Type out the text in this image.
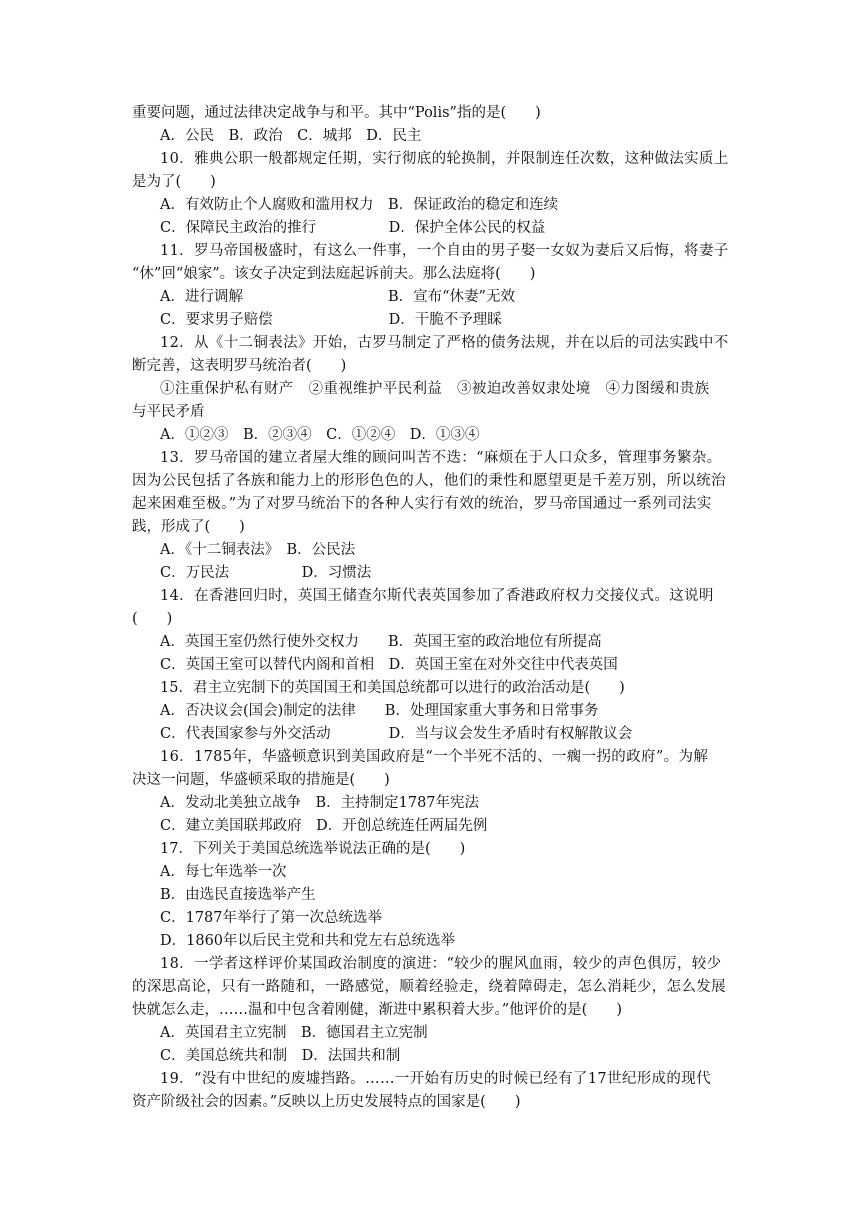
重要问题，通过法律决定战争与和平。其中“Polis”指的是(　　)
A．公民　B．政治　C．城邦　D．民主
10．雅典公职一般都规定任期，实行彻底的轮换制，并限制连任次数，这种做法实质上
是为了(　　)
A．有效防止个人腐败和滥用权力　B．保证政治的稳定和连续
C．保障民主政治的推行　　　　　D．保护全体公民的权益
11．罗马帝国极盛时，有这么一件事，一个自由的男子娶一女奴为妻后又后悔，将妻子
“休”回“娘家”。该女子决定到法庭起诉前夫。那么法庭将(　　)
A．进行调解　　　　　　　　　　B．宣布“休妻”无效
C．要求男子赔偿　　　　　　　　D．干脆不予理睬
12．从《十二铜表法》开始，古罗马制定了严格的债务法规，并在以后的司法实践中不
断完善，这表明罗马统治者(　　)
①注重保护私有财产　②重视维护平民利益　③被迫改善奴隶处境　④力图缓和贵族
与平民矛盾
A．①②③　B．②③④　C．①②④　D．①③④
13．罗马帝国的建立者屋大维的顾问叫苦不迭：“麻烦在于人口众多，管理事务繁杂。
因为公民包括了各族和能力上的形形色色的人，他们的秉性和愿望更是千差万别，所以统治
起来困难至极。”为了对罗马统治下的各种人实行有效的统治，罗马帝国通过一系列司法实
践，形成了(　　)
A．《十二铜表法》　B．公民法
C．万民法　　　　　D．习惯法
14．在香港回归时，英国王储查尔斯代表英国参加了香港政府权力交接仪式。这说明
(　　)
A．英国王室仍然行使外交权力　　B．英国王室的政治地位有所提高
C．英国王室可以替代内阁和首相　D．英国王室在对外交往中代表英国
15．君主立宪制下的英国国王和美国总统都可以进行的政治活动是(　　)
A．否决议会(国会)制定的法律　　B．处理国家重大事务和日常事务
C．代表国家参与外交活动　　　　D．当与议会发生矛盾时有权解散议会
16．1785年，华盛顿意识到美国政府是“一个半死不活的、一瘸一拐的政府”。为解
决这一问题，华盛顿采取的措施是(　　)
A．发动北美独立战争　B．主持制定1787年宪法
C．建立美国联邦政府　D．开创总统连任两届先例
17．下列关于美国总统选举说法正确的是(　　)
A．每七年选举一次
B．由选民直接选举产生
C．1787年举行了第一次总统选举
D．1860年以后民主党和共和党左右总统选举
18．一学者这样评价某国政治制度的演进：“较少的腥风血雨，较少的声色俱厉，较少
的深思高论，只有一路随和，一路感觉，顺着经验走，绕着障碍走，怎么消耗少，怎么发展
快就怎么走，……温和中包含着刚健，渐进中累积着大步。”他评价的是(　　)
A．英国君主立宪制　B．德国君主立宪制
C．美国总统共和制　D．法国共和制
19．“没有中世纪的废墟挡路。……一开始有历史的时候已经有了17世纪形成的现代
资产阶级社会的因素。”反映以上历史发展特点的国家是(　　)
